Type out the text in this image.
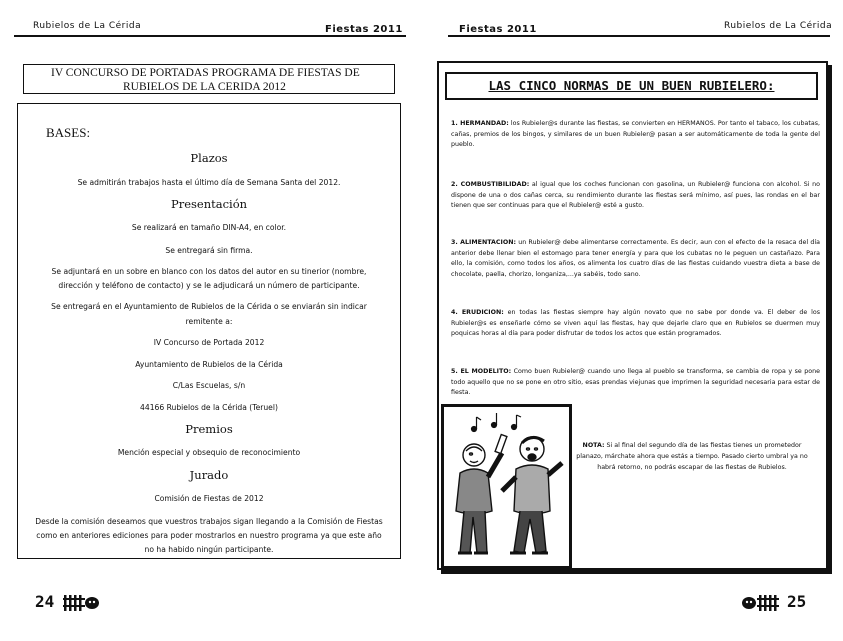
Rubielos de La Cérida	Fiestas 2011
IV CONCURSO DE PORTADAS PROGRAMA DE FIESTAS DE
RUBIELOS DE LA CERIDA 2012
BASES:
Plazos
Se admitirán trabajos hasta el último día de Semana Santa del 2012.
Presentación
Se realizará en tamaño DIN-A4, en color.
Se entregará sin firma.
Se adjuntará en un sobre en blanco con los datos del autor en su tinerior (nombre,
dirección y teléfono de contacto) y se le adjudicará un número de participante.
Se entregará en el Ayuntamiento de Rubielos de la Cérida o se enviarán sin indicar
remitente a:
IV Concurso de Portada 2012
Ayuntamiento de Rubielos de la Cérida
C/Las Escuelas, s/n
44166 Rubielos de la Cérida (Teruel)
Premios
Mención especial y obsequio de reconocimiento
Jurado
Comisión de Fiestas de 2012
Desde la comisión deseamos que vuestros trabajos sigan llegando a la Comisión de Fiestas
como en anteriores ediciones para poder mostrarlos en nuestro programa ya que este año
no ha habido ningún participante.
24
Fiestas 2011	Rubielos de La Cérida
LAS CINCO NORMAS DE UN BUEN RUBIELERO:
1. HERMANDAD: los Rubieler@s durante las fiestas, se convierten en HERMANOS. Por tanto el tabaco, los cubatas, cañas, premios de los bingos, y similares de un buen Rubieler@ pasan a ser automáticamente de toda la gente del pueblo.
2. COMBUSTIBILIDAD: al igual que los coches funcionan con gasolina, un Rubieler@ funciona con alcohol. Si no dispone de una o dos cañas cerca, su rendimiento durante las fiestas será mínimo, así pues, las rondas en el bar tienen que ser continuas para que el Rubieler@ esté a gusto.
3. ALIMENTACION: un Rubieler@ debe alimentarse correctamente. Es decir, aun con el efecto de la resaca del día anterior debe llenar bien el estomago para tener energía y para que los cubatas no le peguen un castañazo. Para ello, la comisión, como todos los años, os alimenta los cuatro días de las fiestas cuidando vuestra dieta a base de chocolate, paella, chorizo, longaniza,...ya sabéis, todo sano.
4. ERUDICION: en todas las fiestas siempre hay algún novato que no sabe por donde va. El deber de los Rubieler@s es enseñarle cómo se viven aquí las fiestas, hay que dejarle claro que en Rubielos se duermen muy poquicas horas al día para poder disfrutar de todos los actos que están programados.
5. EL MODELITO: Como buen Rubieler@ cuando uno llega al pueblo se transforma, se cambia de ropa y se pone todo aquello que no se pone en otro sitio, esas prendas viejunas que imprimen la seguridad necesaria para estar de fiesta.
NOTA: Si al final del segundo día de las fiestas tienes un prometedor planazo, márchate ahora que estás a tiempo. Pasado cierto umbral ya no habrá retorno, no podrás escapar de las fiestas de Rubielos.
25
